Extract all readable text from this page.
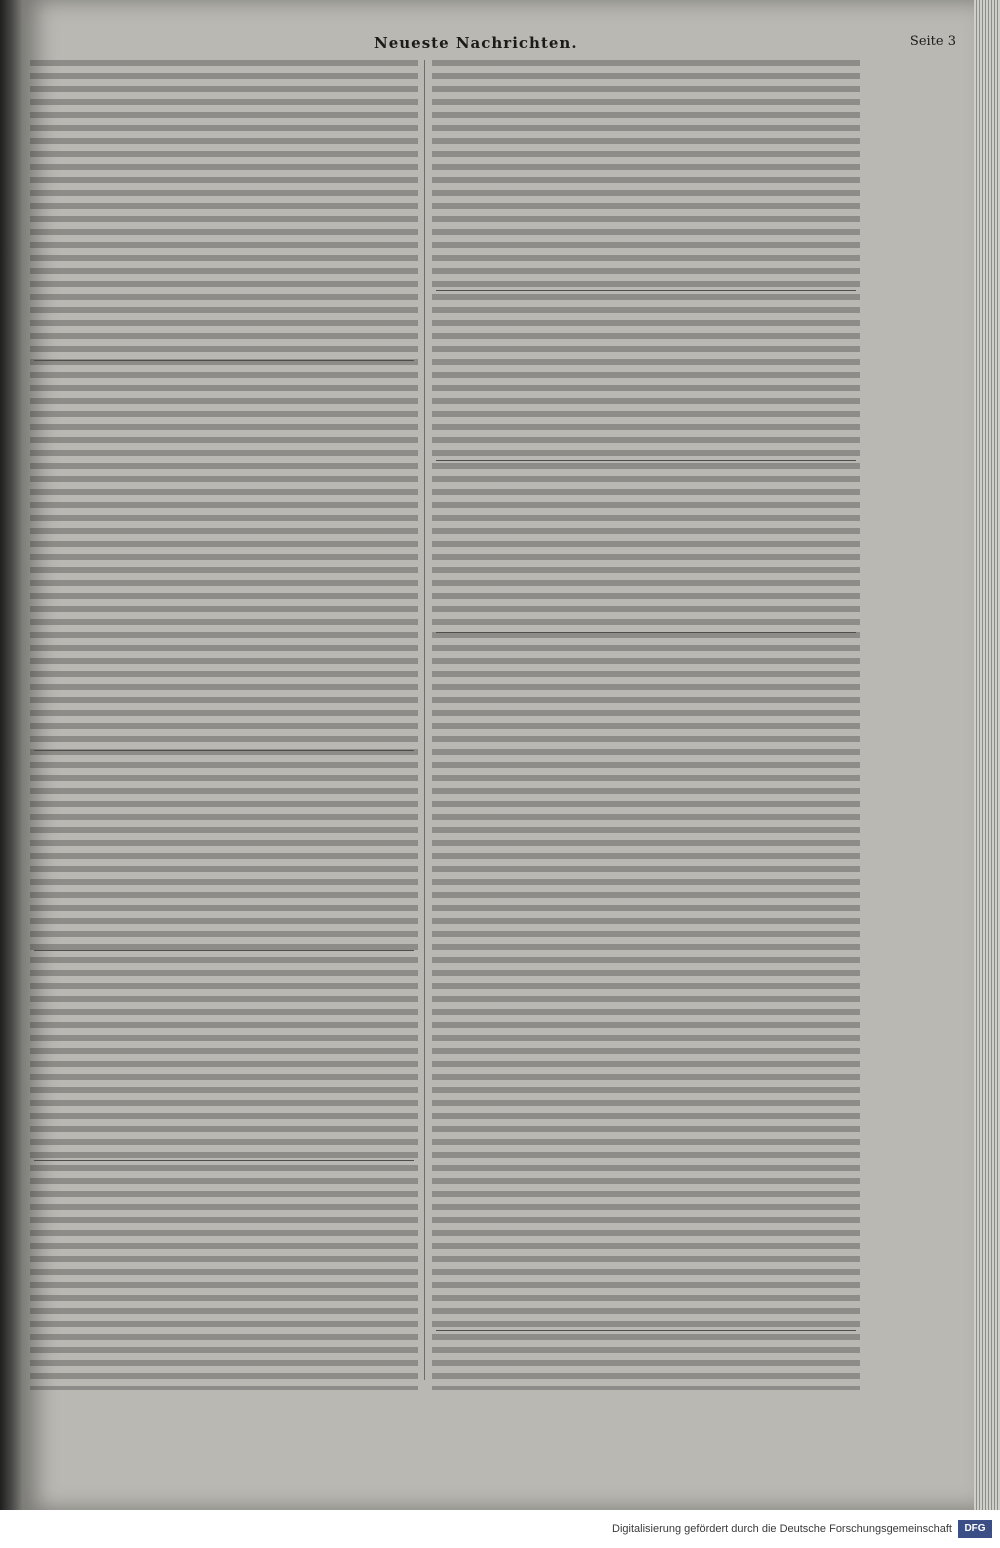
Neueste Nachrichten.	Seite 3
Digitalisierung gefördert durch die Deutsche Forschungsgemeinschaft	DFG
